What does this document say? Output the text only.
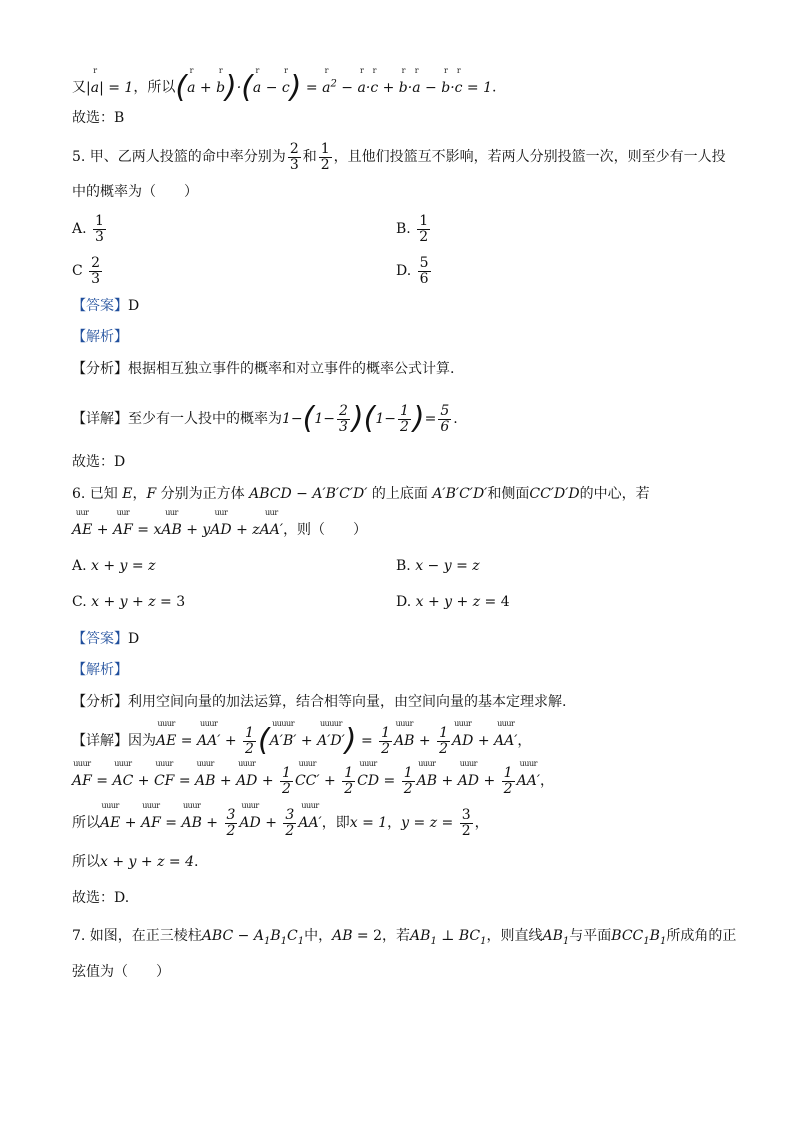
又|r a| = 1，所以(r a + r b)·(r a − r c) = r $a^2 - r$ a·r c + r b·r a − r b·r c = 1.
故选：B
5. 甲、乙两人投篮的命中率分别为 $\frac{2}{3}$ 和 $\frac{1}{2}$ ，且他们投篮互不影响，若两人分别投篮一次，则至少有一人投
中的概率为（　　）
A. $\frac{1}{3}$	B. $\frac{1}{2}$
C $\frac{2}{3}$	D. $\frac{5}{6}$
【答案】D
【解析】
【分析】根据相互独立事件的概率和对立事件的概率公式计算.
【详解】至少有一人投中的概率为$1-(1- \frac{2}{3} )(1- \frac{1}{2}$ )= $\frac{5}{6}$ .
故选：D
6. 已知 E，F 分别为正方体 ABCD − A′B′C′D′ 的上底面 A′B′C′D′和侧面CC′D′D的中心，若
uur AE + uur AF = xuur AB + yuur AD + zuur AA′，则（　　）
A. x + y = z	B. x − y = z
C. x + y + z = 3	D. x + y + z = 4
【答案】D
【解析】
【分析】利用空间向量的加法运算，结合相等向量，由空间向量的基本定理求解.
【详解】因为uuur AE = uuur $AA' + \frac{1}{2}$ (uuuur A′B′ + uuuur $A'D') = \frac{1}{2}$ uuur AB + $\frac{1}{2}$ uuur AD + uuur AA′，
uuur AF = uuur AC + uuur CF = uuur AB + uuur AD + $\frac{1}{2}$ uuur $CC' + \frac{1}{2}$ uuur CD = $\frac{1}{2}$ uuur AB + uuur AD + $\frac{1}{2}$ uuur AA′，
所以uuur AE + uuur AF = uuur AB + $\frac{3}{2}$ uuur AD + $\frac{3}{2}$ uuur AA′，即x = 1，$y = z = \frac{3}{2}$ ，
所以x + y + z = 4.
故选：D.
7. 如图，在正三棱柱ABC − $A_1B_1C_1$中，AB = 2，若$AB_1$ ⊥ $BC_1$，则直线$AB_1$与平面$BCC_1B_1$所成角的正
弦值为（　　）
